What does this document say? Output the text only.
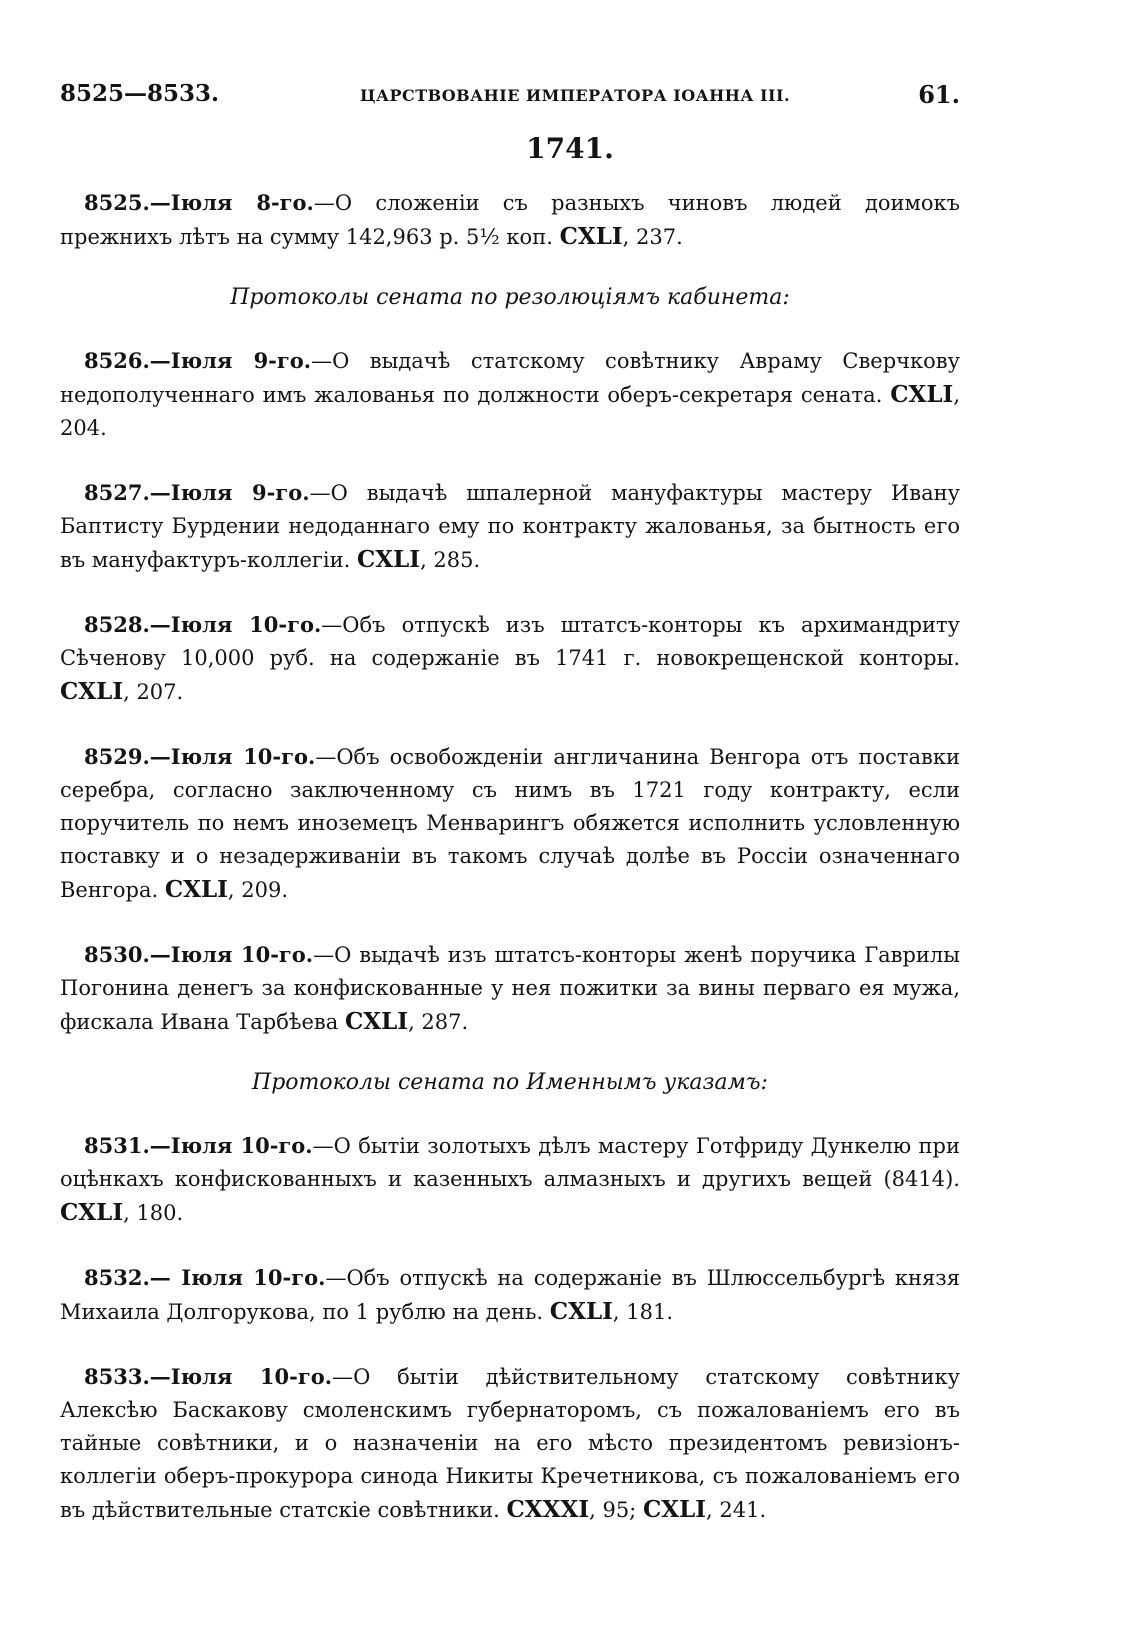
8525—8533.	ЦАРСТВОВАНІЕ ИМПЕРАТОРА ІОАННА III.	61.
1741.

8525.—Іюля 8-го.—О сложеніи съ разныхъ чиновъ людей доимокъ прежнихъ лѣтъ на сумму 142,963 р. 5½ коп. CXLI, 237.

Протоколы сената по резолюціямъ кабинета:

8526.—Іюля 9-го.—О выдачѣ статскому совѣтнику Авраму Сверчкову недополученнаго имъ жалованья по должности оберъ-секретаря сената. CXLI, 204.

8527.—Іюля 9-го.—О выдачѣ шпалерной мануфактуры мастеру Ивану Баптисту Бурдении недоданнаго ему по контракту жалованья, за бытность его въ мануфактуръ-коллегіи. CXLI, 285.

8528.—Іюля 10-го.—Объ отпускѣ изъ штатсъ-конторы къ архимандриту Сѣченову 10,000 руб. на содержаніе въ 1741 г. новокрещенской конторы. CXLI, 207.

8529.—Іюля 10-го.—Объ освобожденіи англичанина Венгора отъ поставки серебра, согласно заключенному съ нимъ въ 1721 году контракту, если поручитель по немъ иноземецъ Менварингъ обяжется исполнить условленную поставку и о незадерживаніи въ такомъ случаѣ долѣе въ Россіи означеннаго Венгора. CXLI, 209.

8530.—Іюля 10-го.—О выдачѣ изъ штатсъ-конторы женѣ поручика Гаврилы Погонина денегъ за конфискованные у нея пожитки за вины перваго ея мужа, фискала Ивана Тарбѣева CXLI, 287.

Протоколы сената по Именнымъ указамъ:

8531.—Іюля 10-го.—О бытіи золотыхъ дѣлъ мастеру Готфриду Дункелю при оцѣнкахъ конфискованныхъ и казенныхъ алмазныхъ и другихъ вещей (8414). CXLI, 180.

8532.— Іюля 10-го.—Объ отпускѣ на содержаніе въ Шлюссельбургѣ князя Михаила Долгорукова, по 1 рублю на день. CXLI, 181.

8533.—Іюля 10-го.—О бытіи дѣйствительному статскому совѣтнику Алексѣю Баскакову смоленскимъ губернаторомъ, съ пожалованіемъ его въ тайные совѣтники, и о назначеніи на его мѣсто президентомъ ревизіонъ-коллегіи оберъ-прокурора синода Никиты Кречетникова, съ пожалованіемъ его въ дѣйствительные статскіе совѣтники. CXXXI, 95; CXLI, 241.
